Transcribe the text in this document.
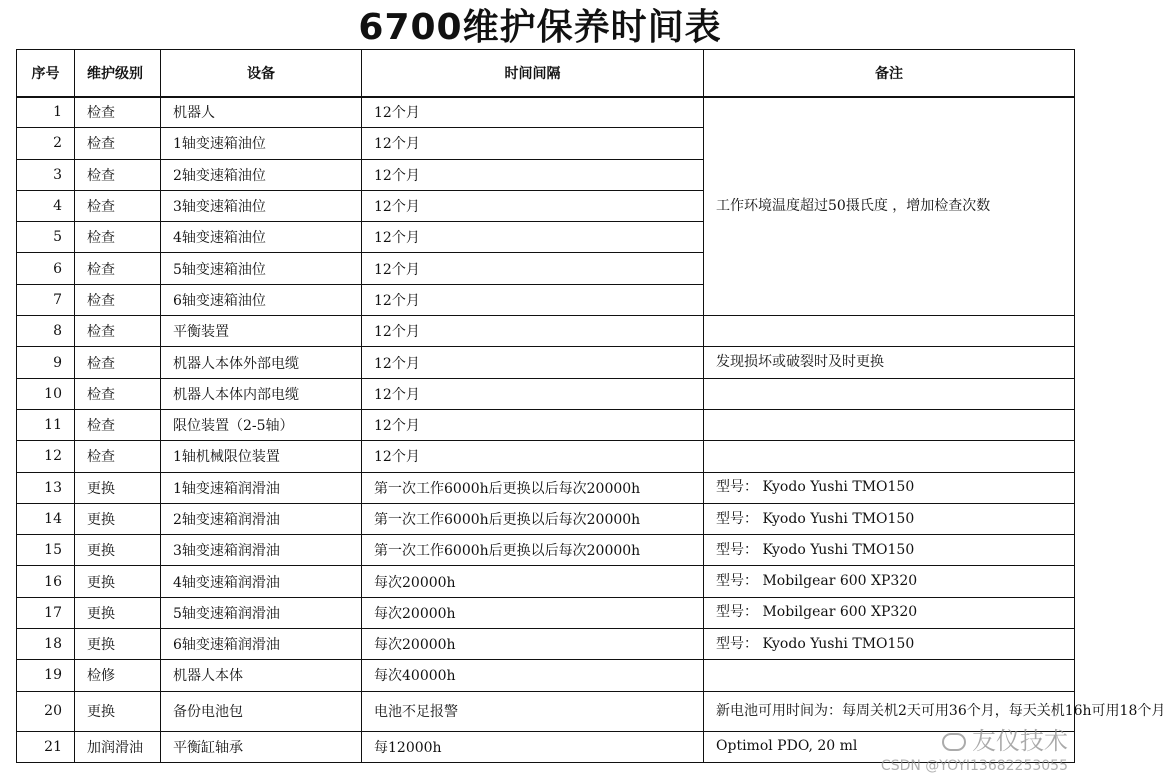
6700维护保养时间表
序号	维护级别	设备	时间间隔	备注
1	检查	机器人	12个月	工作环境温度超过50摄氏度 ，增加检查次数
2	检查	1轴变速箱油位	12个月	
3	检查	2轴变速箱油位	12个月	
4	检查	3轴变速箱油位	12个月	
5	检查	4轴变速箱油位	12个月	
6	检查	5轴变速箱油位	12个月	
7	检查	6轴变速箱油位	12个月	
8	检查	平衡装置	12个月	
9	检查	机器人本体外部电缆	12个月	发现损坏或破裂时及时更换
10	检查	机器人本体内部电缆	12个月	
11	检查	限位装置（2-5轴）	12个月	
12	检查	1轴机械限位装置	12个月	
13	更换	1轴变速箱润滑油	第一次工作6000h后更换以后每次20000h	型号： Kyodo Yushi TMO150
14	更换	2轴变速箱润滑油	第一次工作6000h后更换以后每次20000h	型号： Kyodo Yushi TMO150
15	更换	3轴变速箱润滑油	第一次工作6000h后更换以后每次20000h	型号： Kyodo Yushi TMO150
16	更换	4轴变速箱润滑油	每次20000h	型号： Mobilgear 600 XP320
17	更换	5轴变速箱润滑油	每次20000h	型号： Mobilgear 600 XP320
18	更换	6轴变速箱润滑油	每次20000h	型号： Kyodo Yushi TMO150
19	检修	机器人本体	每次40000h	
20	更换	备份电池包	电池不足报警	新电池可用时间为：每周关机2天可用36个月，每天关机16h可用18个月
21	加润滑油	平衡缸轴承	每12000h	Optimol PDO, 20 ml	友仪技术
CSDN @YOYI13682253055
